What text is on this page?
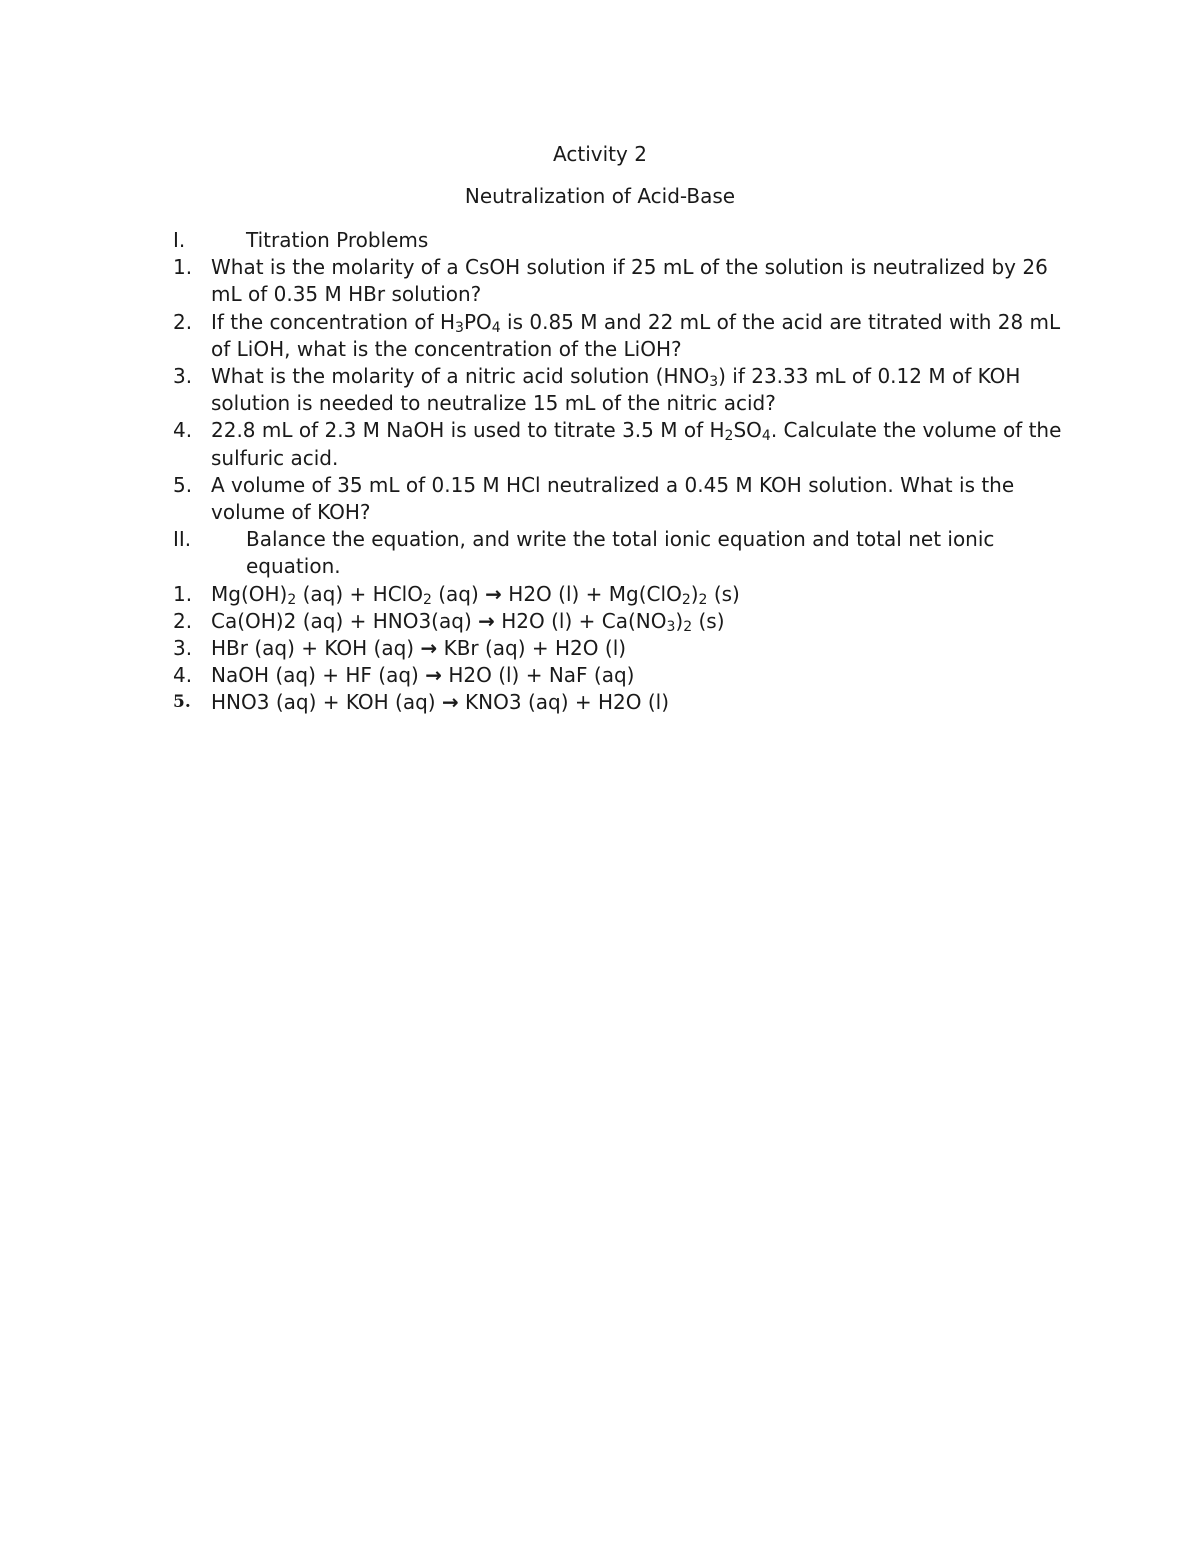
Activity 2
Neutralization of Acid-Base
I.	Titration Problems
1. What is the molarity of a CsOH solution if 25 mL of the solution is neutralized by 26 mL of 0.35 M HBr solution?
2. If the concentration of $H_3PO_4$ is 0.85 M and 22 mL of the acid are titrated with 28 mL of LiOH, what is the concentration of the LiOH?
3. What is the molarity of a nitric acid solution $(HNO_3)$ if 23.33 mL of 0.12 M of KOH solution is needed to neutralize 15 mL of the nitric acid?
4. 22.8 mL of 2.3 M NaOH is used to titrate 3.5 M of $H_2SO_4$. Calculate the volume of the sulfuric acid.
5. A volume of 35 mL of 0.15 M HCl neutralized a 0.45 M KOH solution. What is the volume of KOH?
II.	Balance the equation, and write the total ionic equation and total net ionic equation.
1. $Mg(OH)_2$ (aq) + HClO$_2$ (aq) → H2O $(l) + Mg(ClO_2)_2$ (s)
2. Ca(OH)2 (aq) + HNO3(aq) → H2O $(l) + Ca(NO_3)_2$ (s)
3. HBr (aq) + KOH (aq) → KBr (aq) + H2O (l)
4. NaOH (aq) + HF (aq) → H2O (l) + NaF (aq)
5. HNO3 (aq) + KOH (aq) → KNO3 (aq) + H2O (l)
